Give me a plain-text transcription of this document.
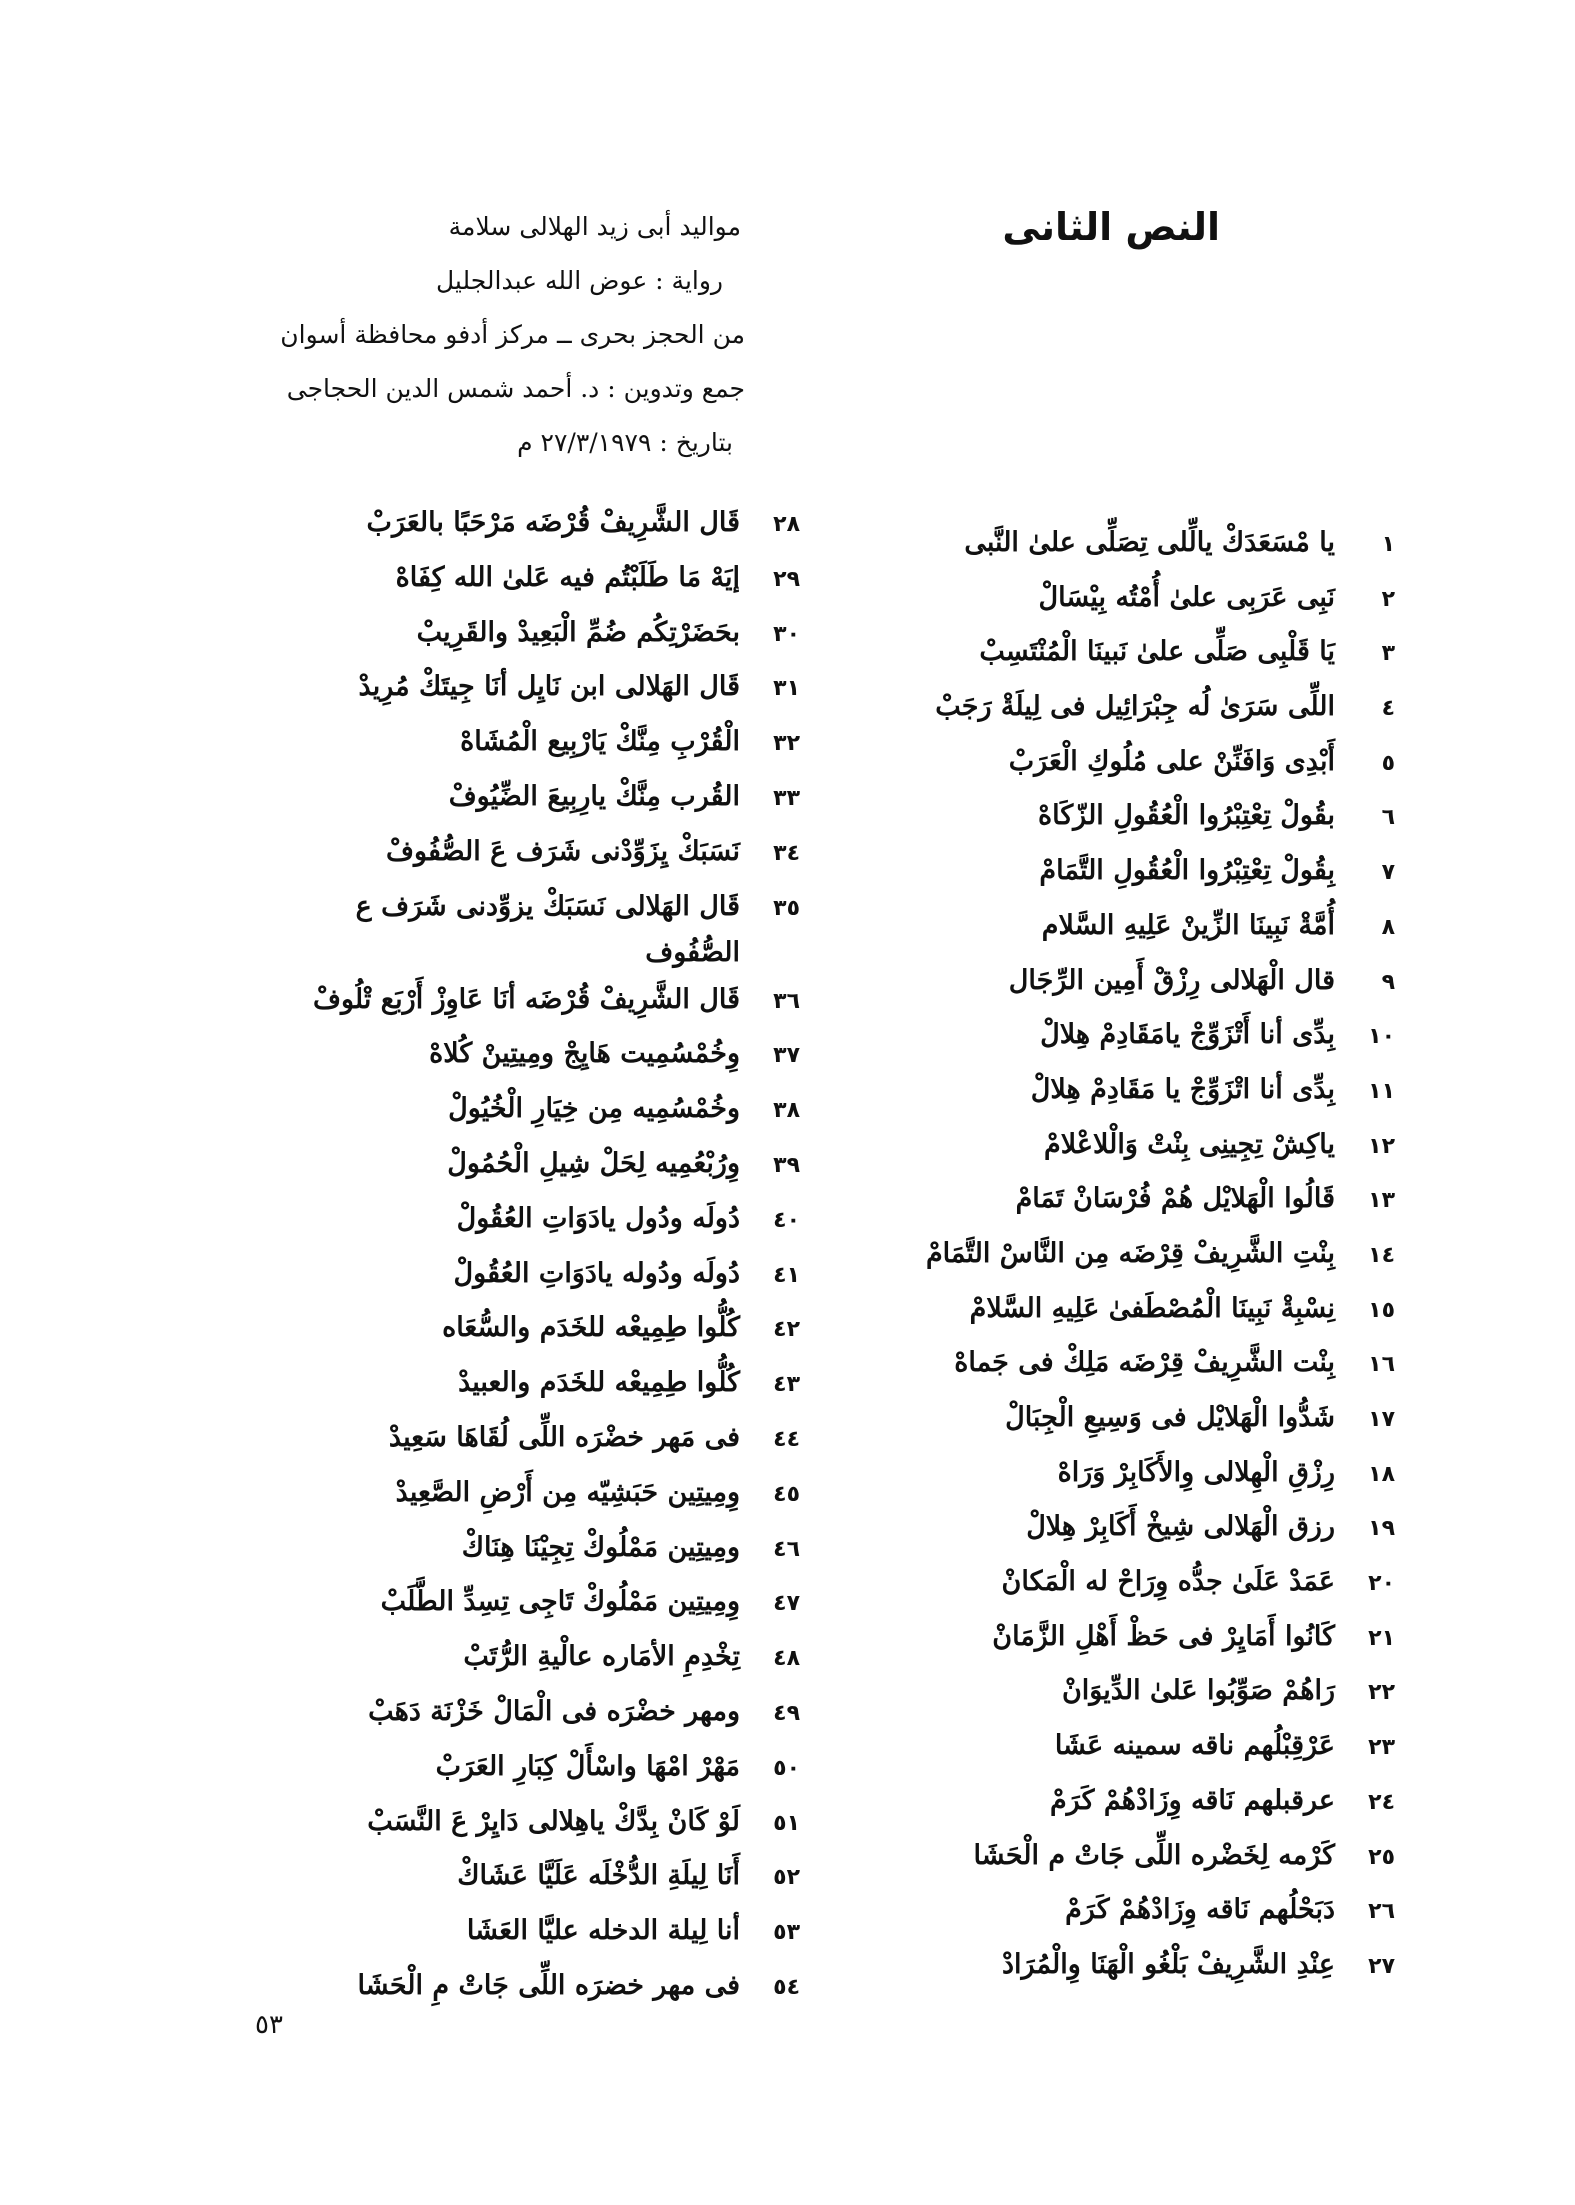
النص الثانى
مواليد أبى زيد الهلالى سلامة
رواية : عوض الله عبدالجليل
من الحجز بحرى ــ مركز أدفو محافظة أسوان
جمع وتدوين : د. أحمد شمس الدين الحجاجى
بتاريخ : ٢٧/٣/١٩٧٩ م
١
يا مْسَعَدَكْ يالِّلى تِصَلِّى علىٰ النَّبى
٢
نَبِى عَرَبِى علىٰ أُمْتُه بِيْسَالْ
٣
يَا قَلْبِى صَلِّى علىٰ نَبينَا الْمُنْتَسِبْ
٤
اللِّى سَرَىٰ لُه جِبْرَائِيل فى لِيلَةْ رَجَبْ
٥
أَبْدِى وَافَنِّنْ على مُلُوكِ الْعَرَبْ
٦
بقُولْ تِعْتِبْرُوا الْعُقُولِ الزّكَاهْ
٧
بِقُولْ تِعْتِبْرُوا الْعُقُولِ التَّمَامْ
٨
أُمَّةْ نَبِينَا الزِّينْ عَلِيهِ السَّلام
٩
قال الْهَلالى رِزْقْ أَمِين الرِّجَال
١٠
بِدِّى أنا أَتْزَوِّجْ يامَقَادِمْ هِلالْ
١١
بِدِّى أنا اتْزَوِّجْ يا مَقَادِمْ هِلالْ
١٢
ياكِشْ تِجِينِى بِنْتْ وَالْلاعْلامْ
١٣
قَالُوا الْهَلايْل هُمْ فُرْسَانْ تَمَامْ
١٤
بِنْتِ الشَّرِيفْ قِرْضَه مِن النَّاسْ التَّمَامْ
١٥
نِسْبِةْ نَبِينَا الْمُصْطَفىٰ عَلِيهِ السَّلامْ
١٦
بِنْت الشَّرِيفْ قِرْضَه مَلِكْ فى جَماهْ
١٧
شَدُّوا الْهَلايْل فى وَسِيعِ الْجِبَالْ
١٨
رِزْقِ الْهِلالى وِالأَكَابِرْ وَرَاهْ
١٩
رزق الْهَلالى شِيخْ أَكَابِرْ هِلالْ
٢٠
عَمَدْ عَلَىٰ جدُّه وِرَاحْ له الْمَكانْ
٢١
كَانُوا أَمَايِرْ فى حَظْ أَهْلِ الزَّمَانْ
٢٢
رَاهُمْ صَوِّبُوا عَلىٰ الدِّيوَانْ
٢٣
عَرْقِبْلُهم ناقه سمينه عَشَا
٢٤
عرقبلهم نَاقه وِزَادْهُمْ كَرَمْ
٢٥
كَرْمه لِخَضْره اللِّى جَاتْ م الْحَشَا
٢٦
دَبَحْلُهم نَاقه وِزَادْهُمْ كَرَمْ
٢٧
عِنْدِ الشَّرِيفْ بَلْغُو الْهَنَا وِالْمُرَادْ
٢٨
قَال الشَّرِيفْ قُرْضَه مَرْحَبًا بالعَرَبْ
٢٩
إيَهْ مَا طَلَبْتُم فيه عَلىٰ الله كِفَاهْ
٣٠
بحَضَرْتِكُم ضُمِّ الْبَعِيدْ والقَرِيبْ
٣١
قَال الهَلالى ابن نَايِل أنَا جِيتَكْ مُرِيدْ
٣٢
الْقُرْبِ مِنَّكْ يَارْبِيع الْمُشَاهْ
٣٣
القُرب مِنَّكْ يارِبِيعَ الضِّيُوفْ
٣٤
نَسَبَكْ يِزَوِّدْنى شَرَف عَ الصُّفُوفْ
٣٥
قَال الهَلالى نَسَبَكْ يزوِّدنى شَرَف ع الصُّفُوف
٣٦
قَال الشَّرِيفْ قُرْضَه أنَا عَاوِزْ أَرْبَع تْلُوفْ
٣٧
وِخُمْسُمِيت هَايِجْ ومِيتِينْ كُلاهْ
٣٨
وخُمْسُمِيه مِن خِيَارِ الْخُيُولْ
٣٩
وِرُبْعُمِيه لِحَلْ شِيلِ الْحُمُولْ
٤٠
دُولَه ودُول يادَوَاتِ العُقُولْ
٤١
دُولَه ودُوله يادَوَاتِ العُقُولْ
٤٢
كُلُّوا طِمِيعْه للخَدَم والسُّعَاه
٤٣
كُلُّوا طِمِيعْه للخَدَم والعبيدْ
٤٤
فى مَهر خضْرَه اللِّى لُقَاهَا سَعِيدْ
٤٥
وِمِيتِين حَبَشِيّه مِن أَرْضِ الصَّعِيدْ
٤٦
ومِيتِين مَمْلُوكْ تِجِيْنَا هِنَاكْ
٤٧
وِمِيتِين مَمْلُوكْ تَاجِى تِسِدِّ الطَّلَبْ
٤٨
تِخْدِمِ الأمَاره عالْيةِ الرُّتَبْ
٤٩
ومهر خضْرَه فى الْمَالْ خَزْنَة دَهَبْ
٥٠
مَهْرْ امْهَا واسْأَلْ كِبَارِ العَرَبْ
٥١
لَوْ كَانْ بِدَّكْ ياهِلالى دَايِرْ عَ النَّسَبْ
٥٢
أَنَا لِيلَةِ الدُّخْلَه عَلَيَّا عَشَاكْ
٥٣
أنا لِيلة الدخله عليَّا العَشَا
٥٤
فى مهر خضرَه اللِّى جَاتْ مِ الْحَشَا
٥٣
